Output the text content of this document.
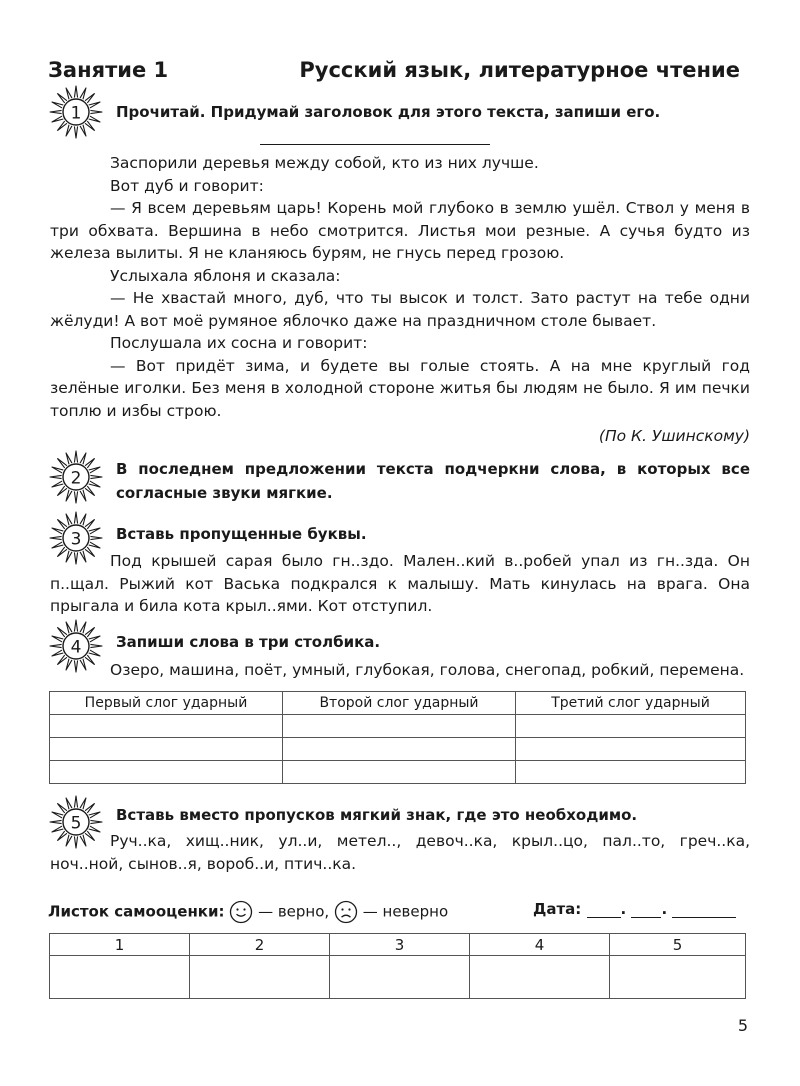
Занятие 1	Русский язык, литературное чтение
1 Прочитай. Придумай заголовок для этого текста, запиши его.

Заспорили деревья между собой, кто из них лучше.

Вот дуб и говорит:

— Я всем деревьям царь! Корень мой глубоко в землю ушёл. Ствол у меня в три обхвата. Вершина в небо смотрится. Листья мои резные. А сучья будто из железа вылиты. Я не кланяюсь бурям, не гнусь перед грозою.

Услыхала яблоня и сказала:

— Не хвастай много, дуб, что ты высок и толст. Зато растут на тебе одни жёлуди! А вот моё румяное яблочко даже на праздничном столе бывает.

Послушала их сосна и говорит:

— Вот придёт зима, и будете вы голые стоять. А на мне круглый год зелёные иголки. Без меня в холодной стороне житья бы людям не было. Я им печки топлю и избы строю.

(По К. Ушинскому)
2 В последнем предложении текста подчеркни слова, в которых все
согласные звуки мягкие.
3 Вставь пропущенные буквы.

Под крышей сарая было гн..здо. Мален..кий в..робей упал из гн..зда. Он п..щал. Рыжий кот Васька подкрался к малышу. Мать кинулась на врага. Она прыгала и била кота крыл..ями. Кот отступил.

4 Запиши слова в три столбика.

Озеро, машина, поёт, умный, глубокая, голова, снегопад, робкий, перемена.

Первый слог ударный	Второй слог ударный	Третий слог ударный

5 Вставь вместо пропусков мягкий знак, где это необходимо.

Руч..ка, хищ..ник, ул..и, метел.., девоч..ка, крыл..цо, пал..то, греч..ка, ноч..ной, сынов..я, вороб..и, птич..ка.

Листок самооценки: — верно, — неверно	Дата:	. .
1	2	3	4	5

5
